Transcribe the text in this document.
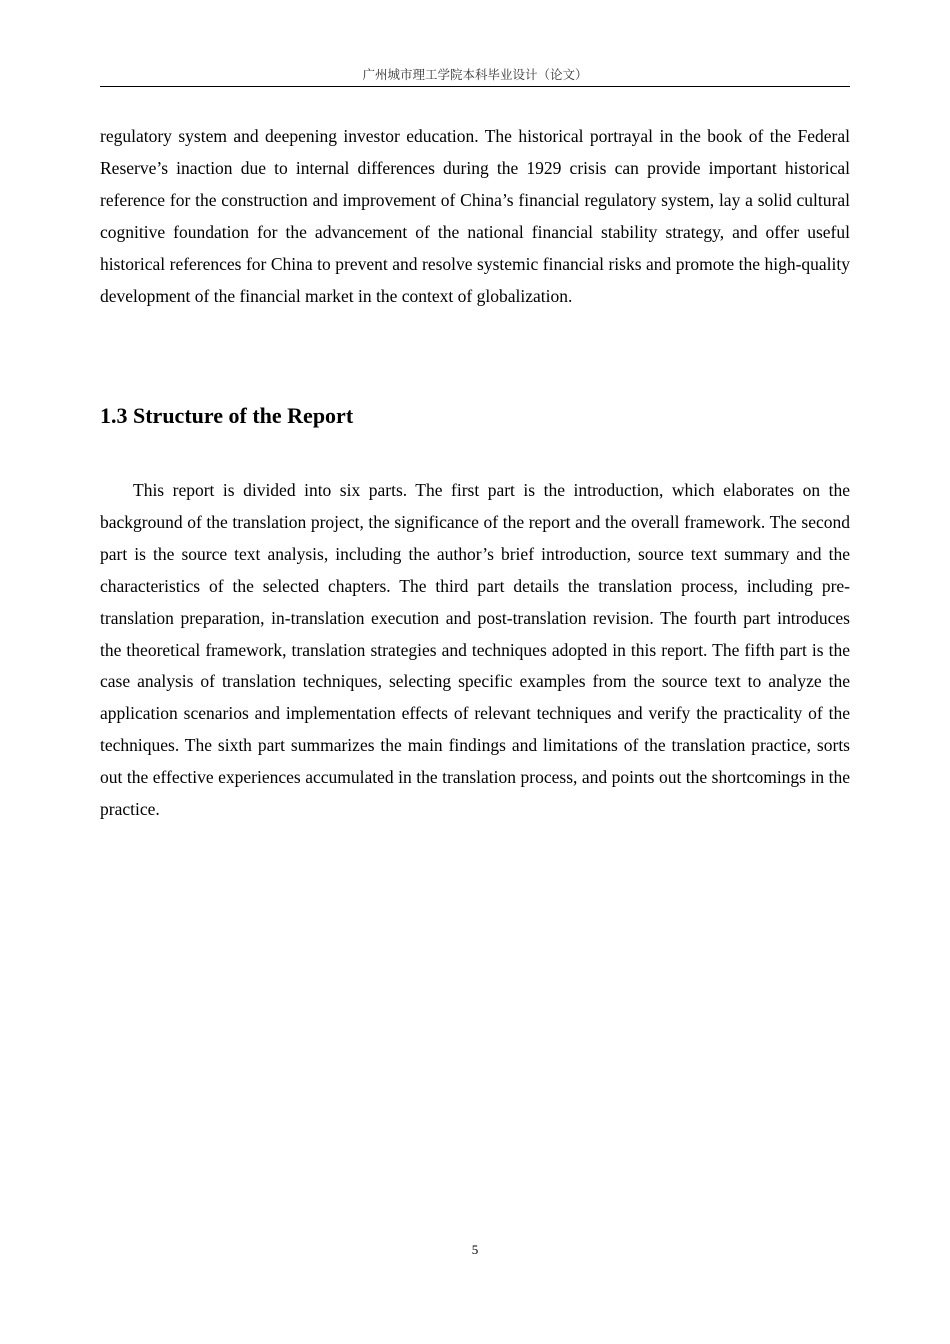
广州城市理工学院本科毕业设计（论文）

regulatory system and deepening investor education. The historical portrayal in the book of the Federal Reserve’s inaction due to internal differences during the 1929 crisis can provide important historical reference for the construction and improvement of China’s financial regulatory system, lay a solid cultural cognitive foundation for the advancement of the national financial stability strategy, and offer useful historical references for China to prevent and resolve systemic financial risks and promote the high-quality development of the financial market in the context of globalization.

1.3 Structure of the Report

This report is divided into six parts. The first part is the introduction, which elaborates on the background of the translation project, the significance of the report and the overall framework. The second part is the source text analysis, including the author’s brief introduction, source text summary and the characteristics of the selected chapters. The third part details the translation process, including pre-translation preparation, in-translation execution and post-translation revision. The fourth part introduces the theoretical framework, translation strategies and techniques adopted in this report. The fifth part is the case analysis of translation techniques, selecting specific examples from the source text to analyze the application scenarios and implementation effects of relevant techniques and verify the practicality of the techniques. The sixth part summarizes the main findings and limitations of the translation practice, sorts out the effective experiences accumulated in the translation process, and points out the shortcomings in the practice.

5
